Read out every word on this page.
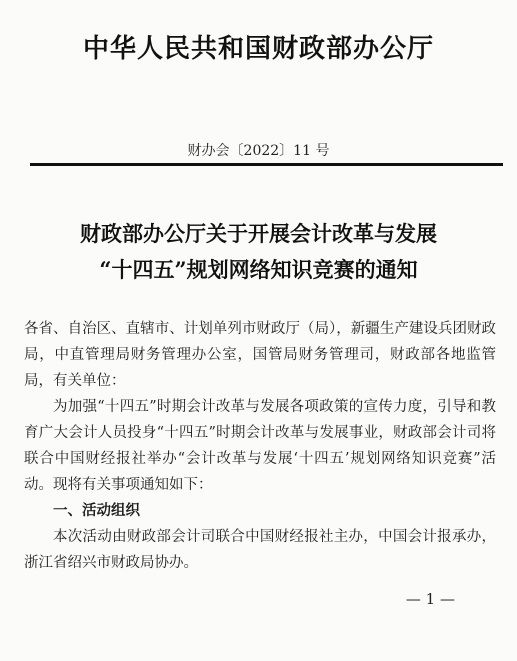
中华人民共和国财政部办公厅
财办会〔2022〕11 号
财政部办公厅关于开展会计改革与发展
“十四五”规划网络知识竞赛的通知

各省、自治区、直辖市、计划单列市财政厅（局），新疆生产建设兵团财政局，中直管理局财务管理办公室，国管局财务管理司，财政部各地监管局，有关单位：

为加强“十四五”时期会计改革与发展各项政策的宣传力度，引导和教育广大会计人员投身“十四五”时期会计改革与发展事业，财政部会计司将联合中国财经报社举办“会计改革与发展‘十四五’规划网络知识竞赛”活动。现将有关事项通知如下：

一、活动组织

本次活动由财政部会计司联合中国财经报社主办，中国会计报承办，浙江省绍兴市财政局协办。

— 1 —
